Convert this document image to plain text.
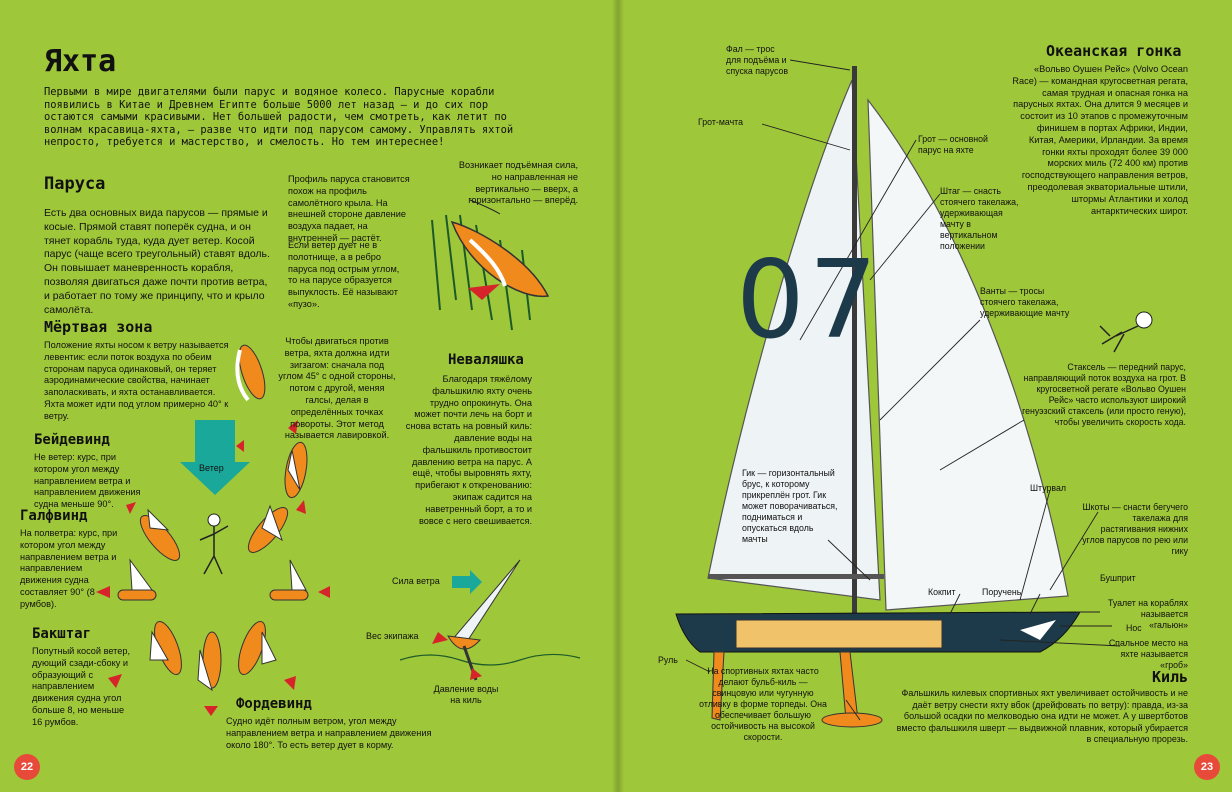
07
Яхта
Первыми в мире двигателями были парус и водяное колесо. Парусные корабли появились в Китае и Древнем Египте больше 5000 лет назад — и до сих пор остаются самыми красивыми. Нет большей радости, чем смотреть, как летит по волнам красавица-яхта, — разве что идти под парусом самому. Управлять яхтой непросто, требуется и мастерство, и смелость. Но тем интереснее!
Паруса
Есть два основных вида парусов — прямые и косые. Прямой ставят поперёк судна, и он тянет корабль туда, куда дует ветер. Косой парус (чаще всего треугольный) ставят вдоль. Он повышает маневренность корабля, позволяя двигаться даже почти против ветра, и работает по тому же принципу, что и крыло самолёта.
Профиль паруса становится похож на профиль самолётного крыла. На внешней стороне давление воздуха падает, на внутренней — растёт.
Возникает подъёмная сила, но направленная не вертикально — вверх, а горизонтально — вперёд.
Если ветер дует не в полотнище, а в ребро паруса под острым углом, то на парусе образуется выпуклость. Её называют «пузо».
Мёртвая зона
Положение яхты носом к ветру называется левентик: если поток воздуха по обеим сторонам паруса одинаковый, он теряет аэродинамические свойства, начинает заполаскивать, и яхта останавливается. Яхта может идти под углом примерно 40° к ветру.
Чтобы двигаться против ветра, яхта должна идти зигзагом: сначала под углом 45° с одной стороны, потом с другой, меняя галсы, делая в определённых точках повороты. Этот метод называется лавировкой.
Ветер
Бейдевинд
Не ветер: курс, при котором угол между направлением ветра и направлением движения судна меньше 90°.
Галфвинд
На полветра: курс, при котором угол между направлением ветра и направлением движения судна составляет 90° (8 румбов).
Бакштаг
Попутный косой ветер, дующий сзади-сбоку и образующий с направлением движения судна угол больше 8, но меньше 16 румбов.
Фордевинд
Судно идёт полным ветром, угол между направлением ветра и направлением движения около 180°. То есть ветер дует в корму.
Неваляшка
Благодаря тяжёлому фальшкилю яхту очень трудно опрокинуть. Она может почти лечь на борт и снова встать на ровный киль: давление воды на фальшкиль противостоит давлению ветра на парус. А ещё, чтобы выровнять яхту, прибегают к откренованию: экипаж садится на наветренный борт, а то и вовсе с него свешивается.
Сила ветра
Вес экипажа
Давление воды на киль
22
Океанская гонка
«Вольво Оушен Рейс» (Volvo Ocean Race) — командная кругосветная регата, самая трудная и опасная гонка на парусных яхтах. Она длится 9 месяцев и состоит из 10 этапов с промежуточным финишем в портах Африки, Индии, Китая, Америки, Ирландии. За время гонки яхты проходят более 39 000 морских миль (72 400 км) против господствующего направления ветров, преодолевая экваториальные штили, штормы Атлантики и холод антарктических широт.
Фал — трос для подъёма и спуска парусов
Грот-мачта
Грот — основной парус на яхте
Штаг — снасть стоячего такелажа, удерживающая мачту в вертикальном положении
Ванты — тросы стоячего такелажа, удерживающие мачту
Стаксель — передний парус, направляющий поток воздуха на грот. В кругосветной регате «Вольво Оушен Рейс» часто используют широкий генуэзский стаксель (или просто геную), чтобы увеличить скорость хода.
Гик — горизонтальный брус, к которому прикреплён грот. Гик может поворачиваться, подниматься и опускаться вдоль мачты
Штурвал
Шкоты — снасти бегучего такелажа для растягивания нижних углов парусов по рею или гику
Кокпит	Поручень
Бушприт
Туалет на кораблях называется «гальюн»
Нос
Спальное место на яхте называется «гроб»
Руль
На спортивных яхтах часто делают бульб-киль — свинцовую или чугунную отливку в форме торпеды. Она обеспечивает большую остойчивость на высокой скорости.
Киль
Фальшкиль килевых спортивных яхт увеличивает остойчивость и не даёт ветру снести яхту вбок (дрейфовать по ветру): правда, из-за большой осадки по мелководью она идти не может. А у швертботов вместо фальшкиля шверт — выдвижной плавник, который убирается в специальную прорезь.
23
